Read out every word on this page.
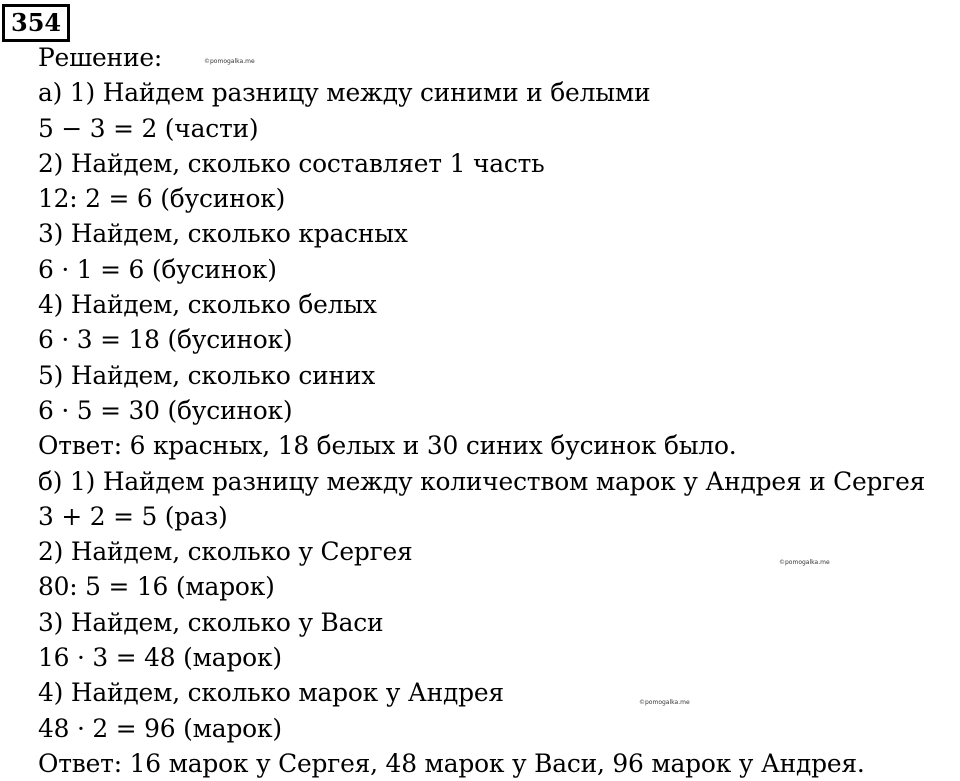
354
Решение:
а) 1) Найдем разницу между синими и белыми
5 − 3 = 2 (части)
2) Найдем, сколько составляет 1 часть
12: 2 = 6 (бусинок)
3) Найдем, сколько красных
6 · 1 = 6 (бусинок)
4) Найдем, сколько белых
6 · 3 = 18 (бусинок)
5) Найдем, сколько синих
6 · 5 = 30 (бусинок)
Ответ: 6 красных, 18 белых и 30 синих бусинок было.
б) 1) Найдем разницу между количеством марок у Андрея и Сергея
3 + 2 = 5 (раз)
2) Найдем, сколько у Сергея
80: 5 = 16 (марок)
3) Найдем, сколько у Васи
16 · 3 = 48 (марок)
4) Найдем, сколько марок у Андрея
48 · 2 = 96 (марок)
Ответ: 16 марок у Сергея, 48 марок у Васи, 96 марок у Андрея.
©pomogalka.me
©pomogalka.me
©pomogalka.me
